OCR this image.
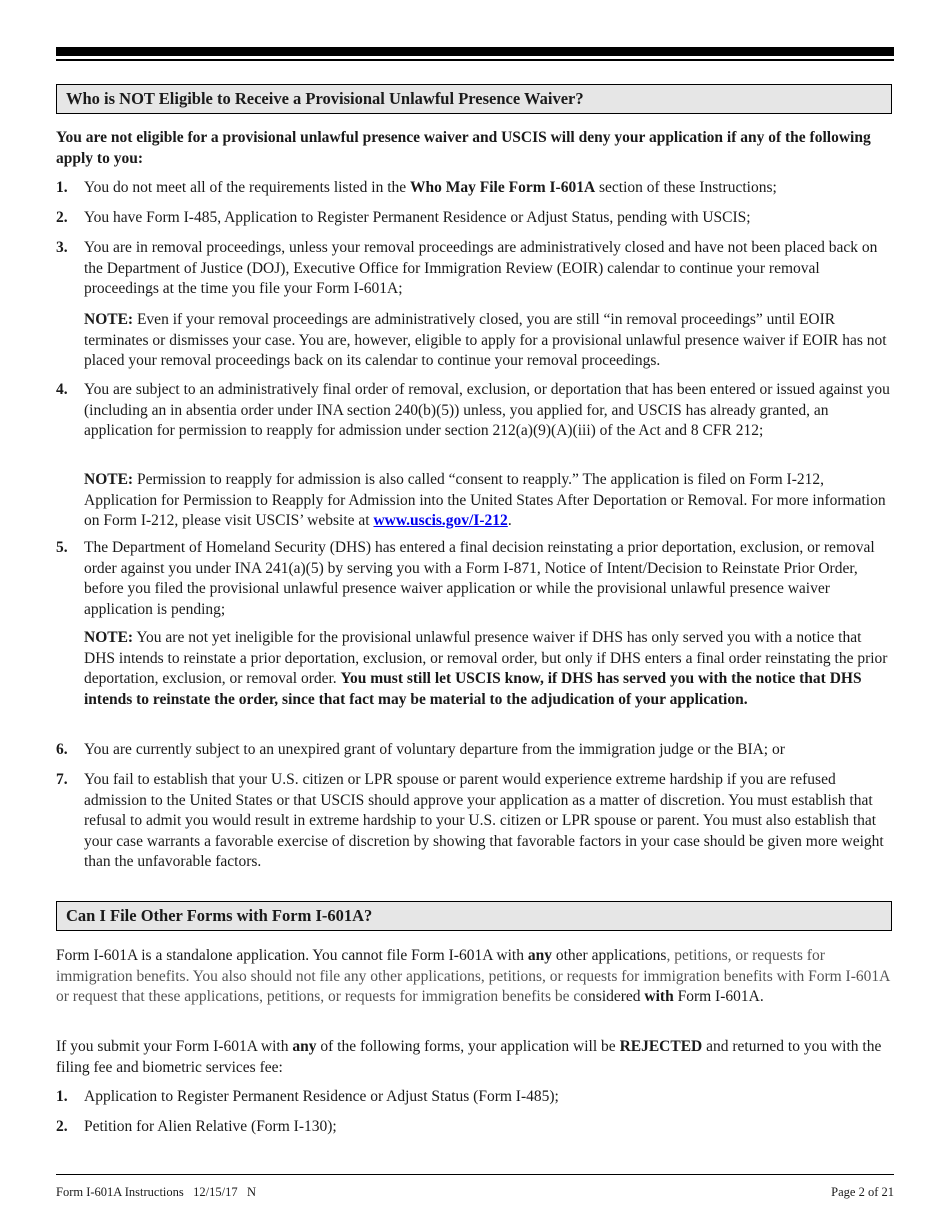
Who is NOT Eligible to Receive a Provisional Unlawful Presence Waiver?
You are not eligible for a provisional unlawful presence waiver and USCIS will deny your application if any of the following apply to you:
1. You do not meet all of the requirements listed in the Who May File Form I-601A section of these Instructions;
2. You have Form I-485, Application to Register Permanent Residence or Adjust Status, pending with USCIS;
3. You are in removal proceedings, unless your removal proceedings are administratively closed and have not been placed back on the Department of Justice (DOJ), Executive Office for Immigration Review (EOIR) calendar to continue your removal proceedings at the time you file your Form I-601A;
NOTE: Even if your removal proceedings are administratively closed, you are still “in removal proceedings” until EOIR terminates or dismisses your case. You are, however, eligible to apply for a provisional unlawful presence waiver if EOIR has not placed your removal proceedings back on its calendar to continue your removal proceedings.
4. You are subject to an administratively final order of removal, exclusion, or deportation that has been entered or issued against you (including an in absentia order under INA section 240(b)(5)) unless, you applied for, and USCIS has already granted, an application for permission to reapply for admission under section 212(a)(9)(A)(iii) of the Act and 8 CFR 212;
NOTE: Permission to reapply for admission is also called “consent to reapply.” The application is filed on Form I-212, Application for Permission to Reapply for Admission into the United States After Deportation or Removal. For more information on Form I-212, please visit USCIS’ website at www.uscis.gov/I-212.
5. The Department of Homeland Security (DHS) has entered a final decision reinstating a prior deportation, exclusion, or removal order against you under INA 241(a)(5) by serving you with a Form I-871, Notice of Intent/Decision to Reinstate Prior Order, before you filed the provisional unlawful presence waiver application or while the provisional unlawful presence waiver application is pending;
NOTE: You are not yet ineligible for the provisional unlawful presence waiver if DHS has only served you with a notice that DHS intends to reinstate a prior deportation, exclusion, or removal order, but only if DHS enters a final order reinstating the prior deportation, exclusion, or removal order. You must still let USCIS know, if DHS has served you with the notice that DHS intends to reinstate the order, since that fact may be material to the adjudication of your application.
6. You are currently subject to an unexpired grant of voluntary departure from the immigration judge or the BIA; or
7. You fail to establish that your U.S. citizen or LPR spouse or parent would experience extreme hardship if you are refused admission to the United States or that USCIS should approve your application as a matter of discretion. You must establish that refusal to admit you would result in extreme hardship to your U.S. citizen or LPR spouse or parent. You must also establish that your case warrants a favorable exercise of discretion by showing that favorable factors in your case should be given more weight than the unfavorable factors.
Can I File Other Forms with Form I-601A?
Form I-601A is a standalone application. You cannot file Form I-601A with any other applications, petitions, or requests for immigration benefits. You also should not file any other applications, petitions, or requests for immigration benefits with Form I-601A or request that these applications, petitions, or requests for immigration benefits be considered with Form I-601A.
If you submit your Form I-601A with any of the following forms, your application will be REJECTED and returned to you with the filing fee and biometric services fee:
1. Application to Register Permanent Residence or Adjust Status (Form I-485);
2. Petition for Alien Relative (Form I-130);
Form I-601A Instructions   12/15/17   N	Page 2 of 21
